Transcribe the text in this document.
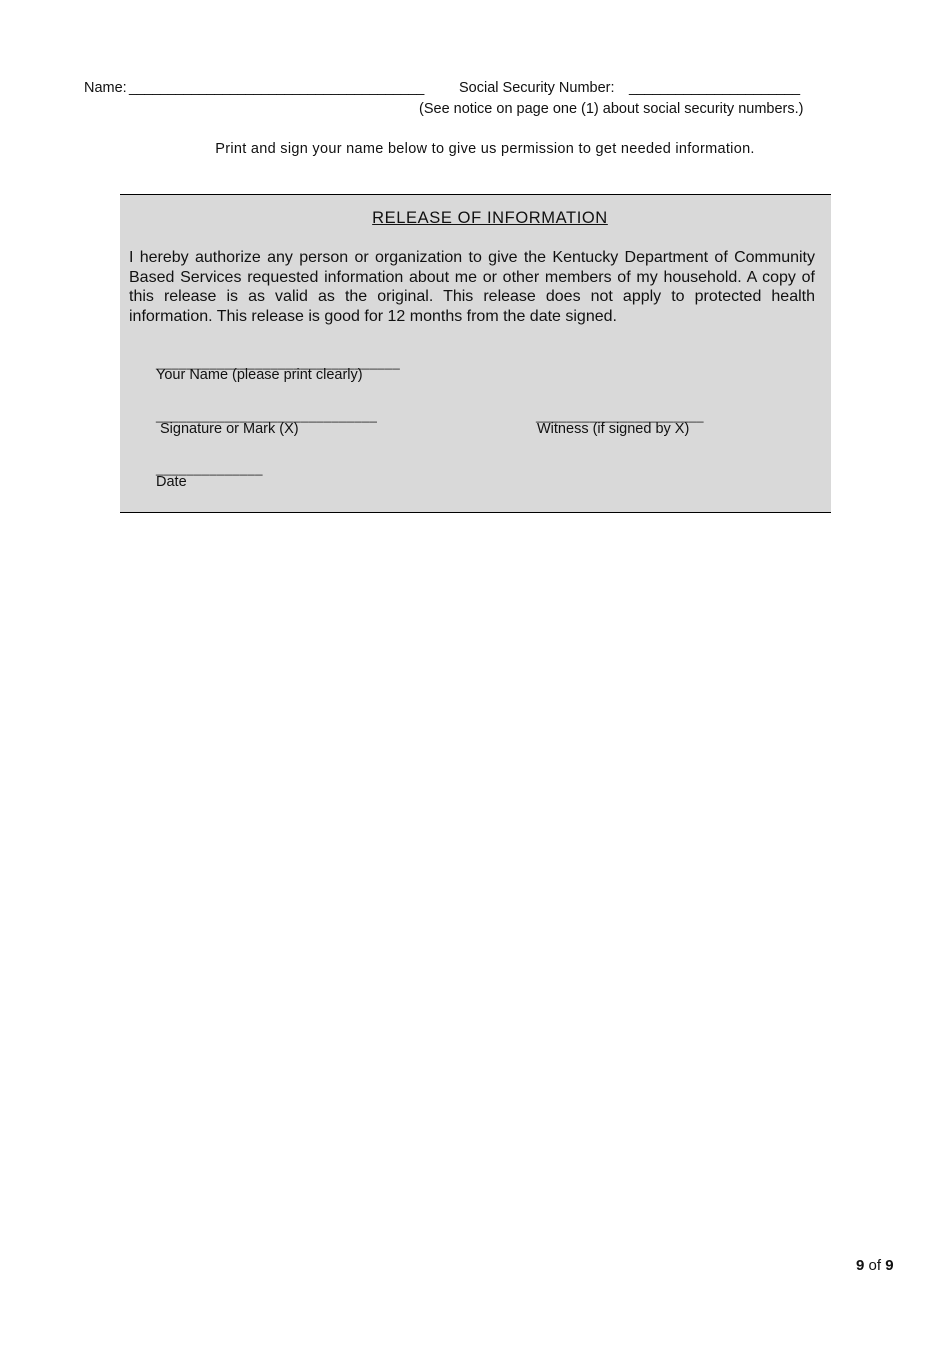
Name: ______________________________________ Social Security Number: ______________________
(See notice on page one (1) about social security numbers.)
Print and sign your name below to give us permission to get needed information.
RELEASE OF INFORMATION

I hereby authorize any person or organization to give the Kentucky Department of Community Based Services requested information about me or other members of my household. A copy of this release is as valid as the original. This release does not apply to protected health information. This release is good for 12 months from the date signed.

________________________________
Your Name (please print clearly)
_____________________________
Signature or Mark (X)
______________________
Witness (if signed by X)
______________
Date
9 of 9
